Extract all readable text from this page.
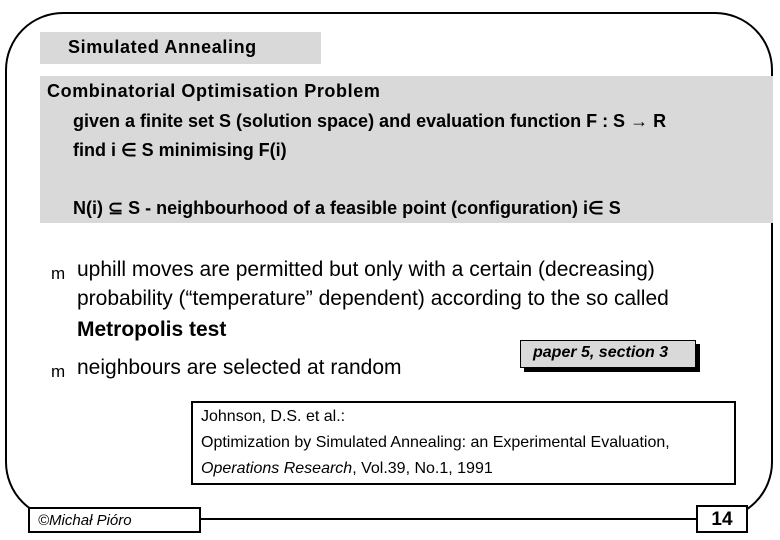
Simulated Annealing
Combinatorial Optimisation Problem
given a finite set S (solution space) and evaluation function F : S → R
find i ∈ S minimising F(i)
N(i) ⊆ S - neighbourhood of a feasible point (configuration) i∈ S
m uphill moves are permitted but only with a certain (decreasing)
probability (“temperature” dependent) according to the so called
Metropolis test
m neighbours are selected at random
paper 5, section 3
Johnson, D.S. et al.:
Optimization by Simulated Annealing: an Experimental Evaluation,
Operations Research, Vol.39, No.1, 1991
©Michał Pióro	14
